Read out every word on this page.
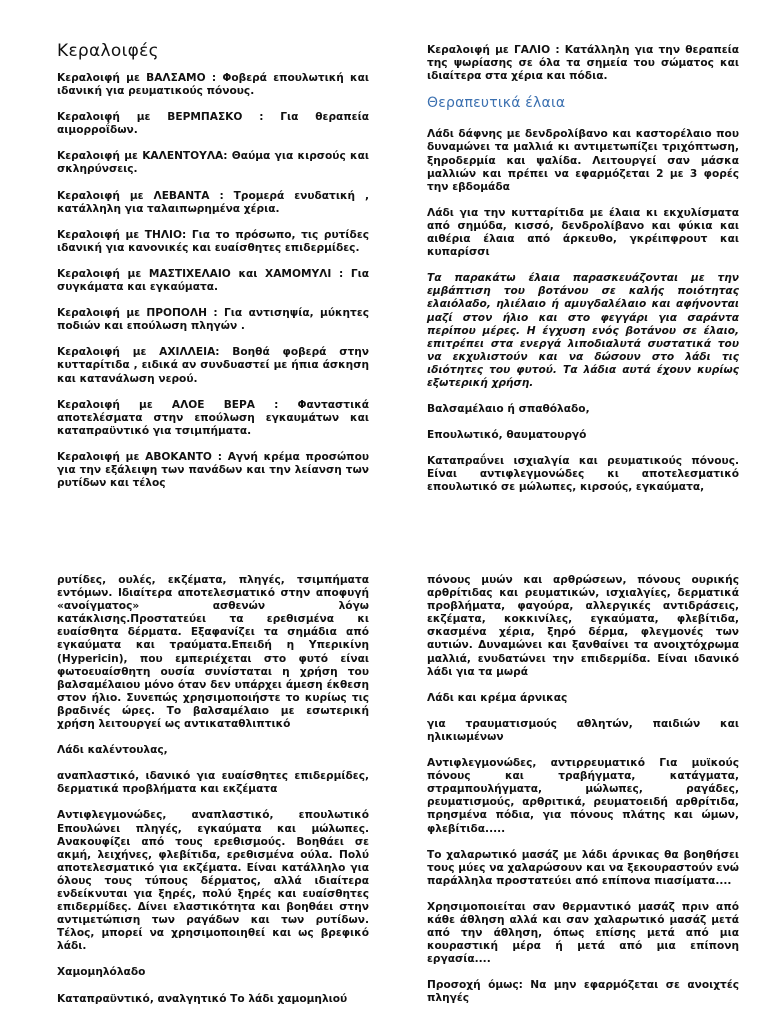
Κεραλοιφές

Κεραλοιφή με ΒΑΛΣΑΜΟ : Φοβερά επουλωτική και ιδανική για ρευματικούς πόνους.

Κεραλοιφή με ΒΕΡΜΠΑΣΚΟ : Για θεραπεία αιμορροΐδων.

Κεραλοιφή με ΚΑΛΕΝΤΟΥΛΑ: Θαύμα για κιρσούς και σκληρύνσεις.

Κεραλοιφή με ΛΕΒΑΝΤΑ : Τρομερά ενυδατική , κατάλληλη για ταλαιπωρημένα χέρια.

Κεραλοιφή με ΤΗΛΙΟ: Για το πρόσωπο, τις ρυτίδες ιδανική για κανονικές και ευαίσθητες επιδερμίδες.

Κεραλοιφή με ΜΑΣΤΙΧΕΛΑΙΟ και ΧΑΜΟΜΥΛΙ : Για συγκάματα και εγκαύματα.

Κεραλοιφή με ΠΡΟΠΟΛΗ : Για αντισηψία, μύκητες ποδιών και επούλωση πληγών .

Κεραλοιφή με ΑΧΙΛΛΕΙΑ: Βοηθά φοβερά στην κυτταρίτιδα , ειδικά αν συνδυαστεί με ήπια άσκηση και κατανάλωση νερού.

Κεραλοιφή με ΑΛΟΕ ΒΕΡΑ : Φανταστικά αποτελέσματα στην επούλωση εγκαυμάτων και καταπραϋντικό για τσιμπήματα.

Κεραλοιφή με ΑΒΟΚΑΝΤΟ : Αγνή κρέμα προσώπου για την εξάλειψη των πανάδων και την λείανση των ρυτίδων και τέλος

Κεραλοιφή με ΓΑΛΙΟ : Κατάλληλη για την θεραπεία της ψωρίασης σε όλα τα σημεία του σώματος και ιδιαίτερα στα χέρια και πόδια.

Θεραπευτικά έλαια

Λάδι δάφνης με δενδρολίβανο και καστορέλαιο που δυναμώνει τα μαλλιά κι αντιμετωπίζει τριχόπτωση, ξηροδερμία και ψαλίδα. Λειτουργεί σαν μάσκα μαλλιών και πρέπει να εφαρμόζεται 2 με 3 φορές την εβδομάδα

Λάδι για την κυτταρίτιδα με έλαια κι εκχυλίσματα από σημύδα, κισσό, δενδρολίβανο και φύκια και αιθέρια έλαια από άρκευθο, γκρέιπφρουτ και κυπαρίσσι

Τα παρακάτω έλαια παρασκευάζονται με την εμβάπτιση του βοτάνου σε καλής ποιότητας ελαιόλαδο, ηλιέλαιο ή αμυγδαλέλαιο και αφήνονται μαζί στον ήλιο και στο φεγγάρι για σαράντα περίπου μέρες. Η έγχυση ενός βοτάνου σε έλαιο, επιτρέπει στα ενεργά λιποδιαλυτά συστατικά του να εκχυλιστούν και να δώσουν στο λάδι τις ιδιότητες του φυτού. Τα λάδια αυτά έχουν κυρίως εξωτερική χρήση.

Βαλσαμέλαιο ή σπαθόλαδο,

Επουλωτικό, θαυματουργό

Καταπραΰνει ισχιαλγία και ρευματικούς πόνους. Είναι αντιφλεγμονώδες κι αποτελεσματικό επουλωτικό σε μώλωπες, κιρσούς, εγκαύματα,

ρυτίδες, ουλές, εκζέματα, πληγές, τσιμπήματα εντόμων. Ιδιαίτερα αποτελεσματικό στην αποφυγή «ανοίγματος» ασθενών λόγω κατάκλισης.Προστατεύει τα ερεθισμένα κι ευαίσθητα δέρματα. Εξαφανίζει τα σημάδια από εγκαύματα και τραύματα.Επειδή η Υπερικίνη (Hypericin), που εμπεριέχεται στο φυτό είναι φωτοευαίσθητη ουσία συνίσταται η χρήση του βαλσαμέλαιου μόνο όταν δεν υπάρχει άμεση έκθεση στον ήλιο. Συνεπώς χρησιμοποιήστε το κυρίως τις βραδινές ώρες. Το βαλσαμέλαιο με εσωτερική χρήση λειτουργεί ως αντικαταθλιπτικό

Λάδι καλέντουλας,

αναπλαστικό, ιδανικό για ευαίσθητες επιδερμίδες, δερματικά προβλήματα και εκζέματα

Αντιφλεγμονώδες, αναπλαστικό, επουλωτικό Επουλώνει πληγές, εγκαύματα και μώλωπες. Ανακουφίζει από τους ερεθισμούς. Βοηθάει σε ακμή, λειχήνες, φλεβίτιδα, ερεθισμένα ούλα. Πολύ αποτελεσματικό για εκζέματα. Είναι κατάλληλο για όλους τους τύπους δέρματος, αλλά ιδιαίτερα ενδείκνυται για ξηρές, πολύ ξηρές και ευαίσθητες επιδερμίδες. Δίνει ελαστικότητα και βοηθάει στην αντιμετώπιση των ραγάδων και των ρυτίδων. Τέλος, μπορεί να χρησιμοποιηθεί και ως βρεφικό λάδι.

Χαμομηλόλαδο

Καταπραϋντικό, αναλγητικό Το λάδι χαμομηλιού

πόνους μυών και αρθρώσεων, πόνους ουρικής αρθρίτιδας και ρευματικών, ισχιαλγίες, δερματικά προβλήματα, φαγούρα, αλλεργικές αντιδράσεις, εκζέματα, κοκκινίλες, εγκαύματα, φλεβίτιδα, σκασμένα χέρια, ξηρό δέρμα, φλεγμονές των αυτιών. Δυναμώνει και ξανθαίνει τα ανοιχτόχρωμα μαλλιά, ενυδατώνει την επιδερμίδα. Είναι ιδανικό λάδι για τα μωρά

Λάδι και κρέμα άρνικας

για τραυματισμούς αθλητών, παιδιών και ηλικιωμένων

Αντιφλεγμονώδες, αντιρρευματικό Για μυϊκούς πόνους και τραβήγματα, κατάγματα, στραμπουλήγματα, μώλωπες, ραγάδες, ρευματισμούς, αρθριτικά, ρευματοειδή αρθρίτιδα, πρησμένα πόδια, για πόνους πλάτης και ώμων, φλεβίτιδα.....

Το χαλαρωτικό μασάζ με λάδι άρνικας θα βοηθήσει τους μύες να χαλαρώσουν και να ξεκουραστούν ενώ παράλληλα προστατεύει από επίπονα πιασίματα....

Χρησιμοποιείται σαν θερμαντικό μασάζ πριν από κάθε άθληση αλλά και σαν χαλαρωτικό μασάζ μετά από την άθληση, όπως επίσης μετά από μια κουραστική μέρα ή μετά από μια επίπονη εργασία....

Προσοχή όμως: Να μην εφαρμόζεται σε ανοιχτές πληγές
